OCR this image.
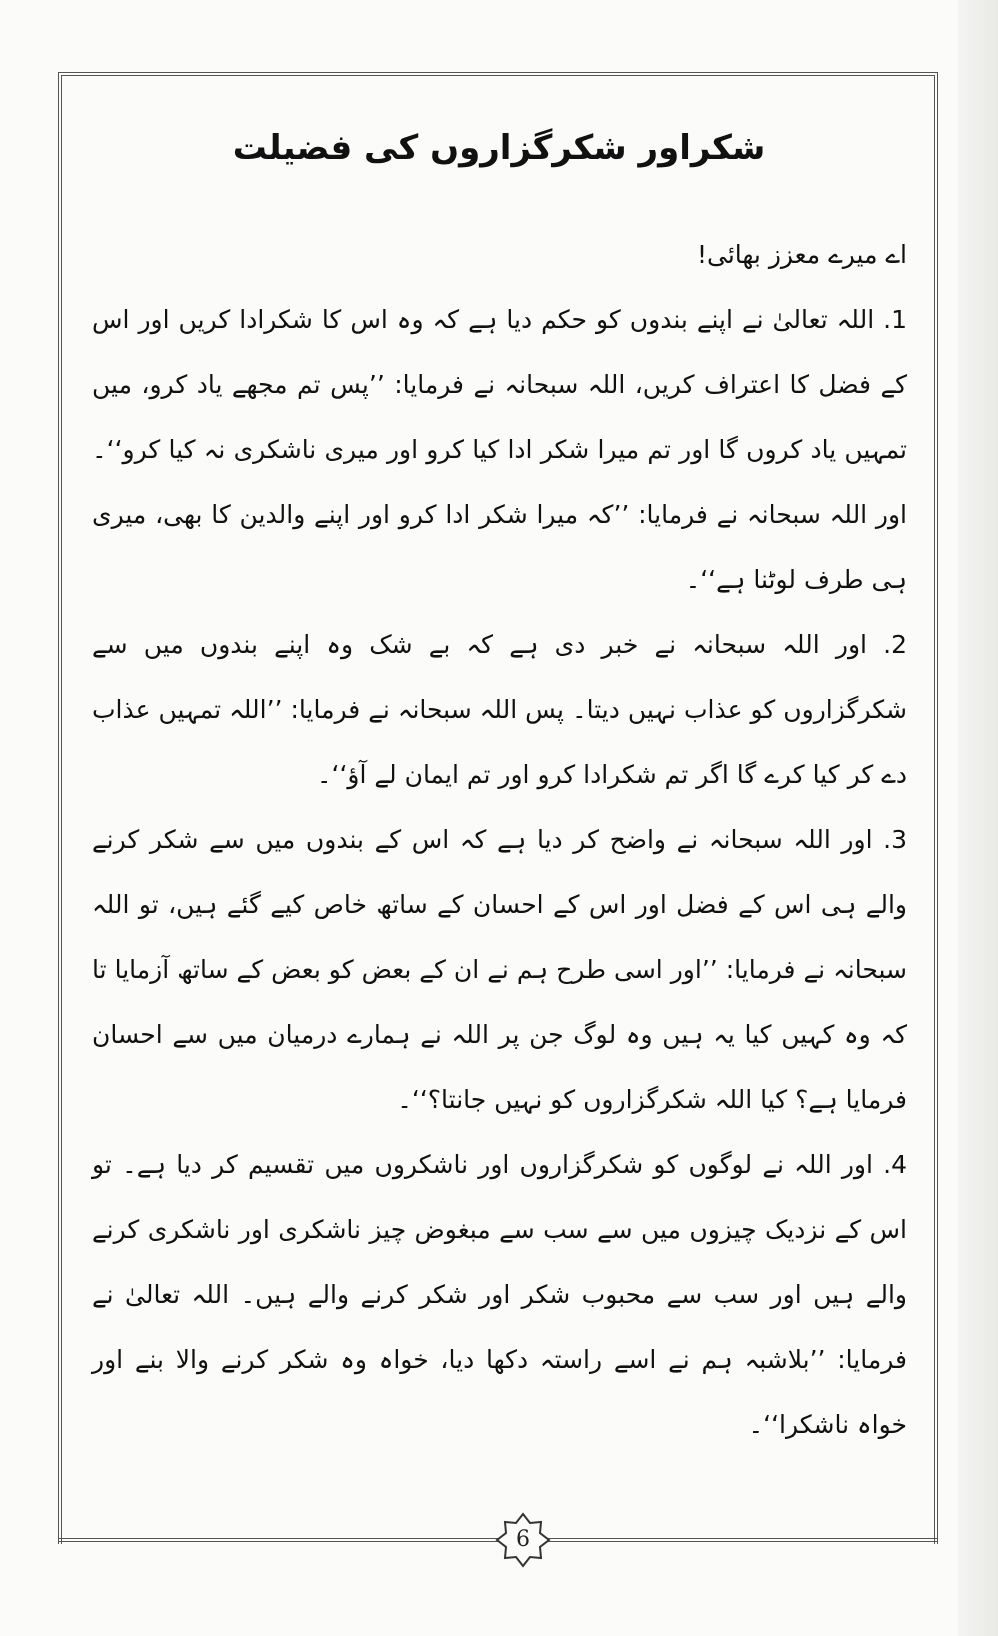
6
شکراور شکرگزاروں کی فضیلت

اے میرے معزز بھائی!

1. اللہ تعالیٰ نے اپنے بندوں کو حکم دیا ہے کہ وہ اس کا شکرادا کریں اور اس کے فضل کا اعتراف کریں، اللہ سبحانہ نے فرمایا: ’’پس تم مجھے یاد کرو، میں تمہیں یاد کروں گا اور تم میرا شکر ادا کیا کرو اور میری ناشکری نہ کیا کرو‘‘۔ اور اللہ سبحانہ نے فرمایا: ’’کہ میرا شکر ادا کرو اور اپنے والدین کا بھی، میری ہی طرف لوٹنا ہے‘‘۔

2. اور اللہ سبحانہ نے خبر دی ہے کہ بے شک وہ اپنے بندوں میں سے شکرگزاروں کو عذاب نہیں دیتا۔ پس اللہ سبحانہ نے فرمایا: ’’اللہ تمہیں عذاب دے کر کیا کرے گا اگر تم شکرادا کرو اور تم ایمان لے آؤ‘‘۔

3. اور اللہ سبحانہ نے واضح کر دیا ہے کہ اس کے بندوں میں سے شکر کرنے والے ہی اس کے فضل اور اس کے احسان کے ساتھ خاص کیے گئے ہیں، تو اللہ سبحانہ نے فرمایا: ’’اور اسی طرح ہم نے ان کے بعض کو بعض کے ساتھ آزمایا تا کہ وہ کہیں کیا یہ ہیں وہ لوگ جن پر اللہ نے ہمارے درمیان میں سے احسان فرمایا ہے؟ کیا اللہ شکرگزاروں کو نہیں جانتا؟‘‘۔

4. اور اللہ نے لوگوں کو شکرگزاروں اور ناشکروں میں تقسیم کر دیا ہے۔ تو اس کے نزدیک چیزوں میں سے سب سے مبغوض چیز ناشکری اور ناشکری کرنے والے ہیں اور سب سے محبوب شکر اور شکر کرنے والے ہیں۔ اللہ تعالیٰ نے فرمایا: ’’بلاشبہ ہم نے اسے راستہ دکھا دیا، خواہ وہ شکر کرنے والا بنے اور خواہ ناشکرا‘‘۔
